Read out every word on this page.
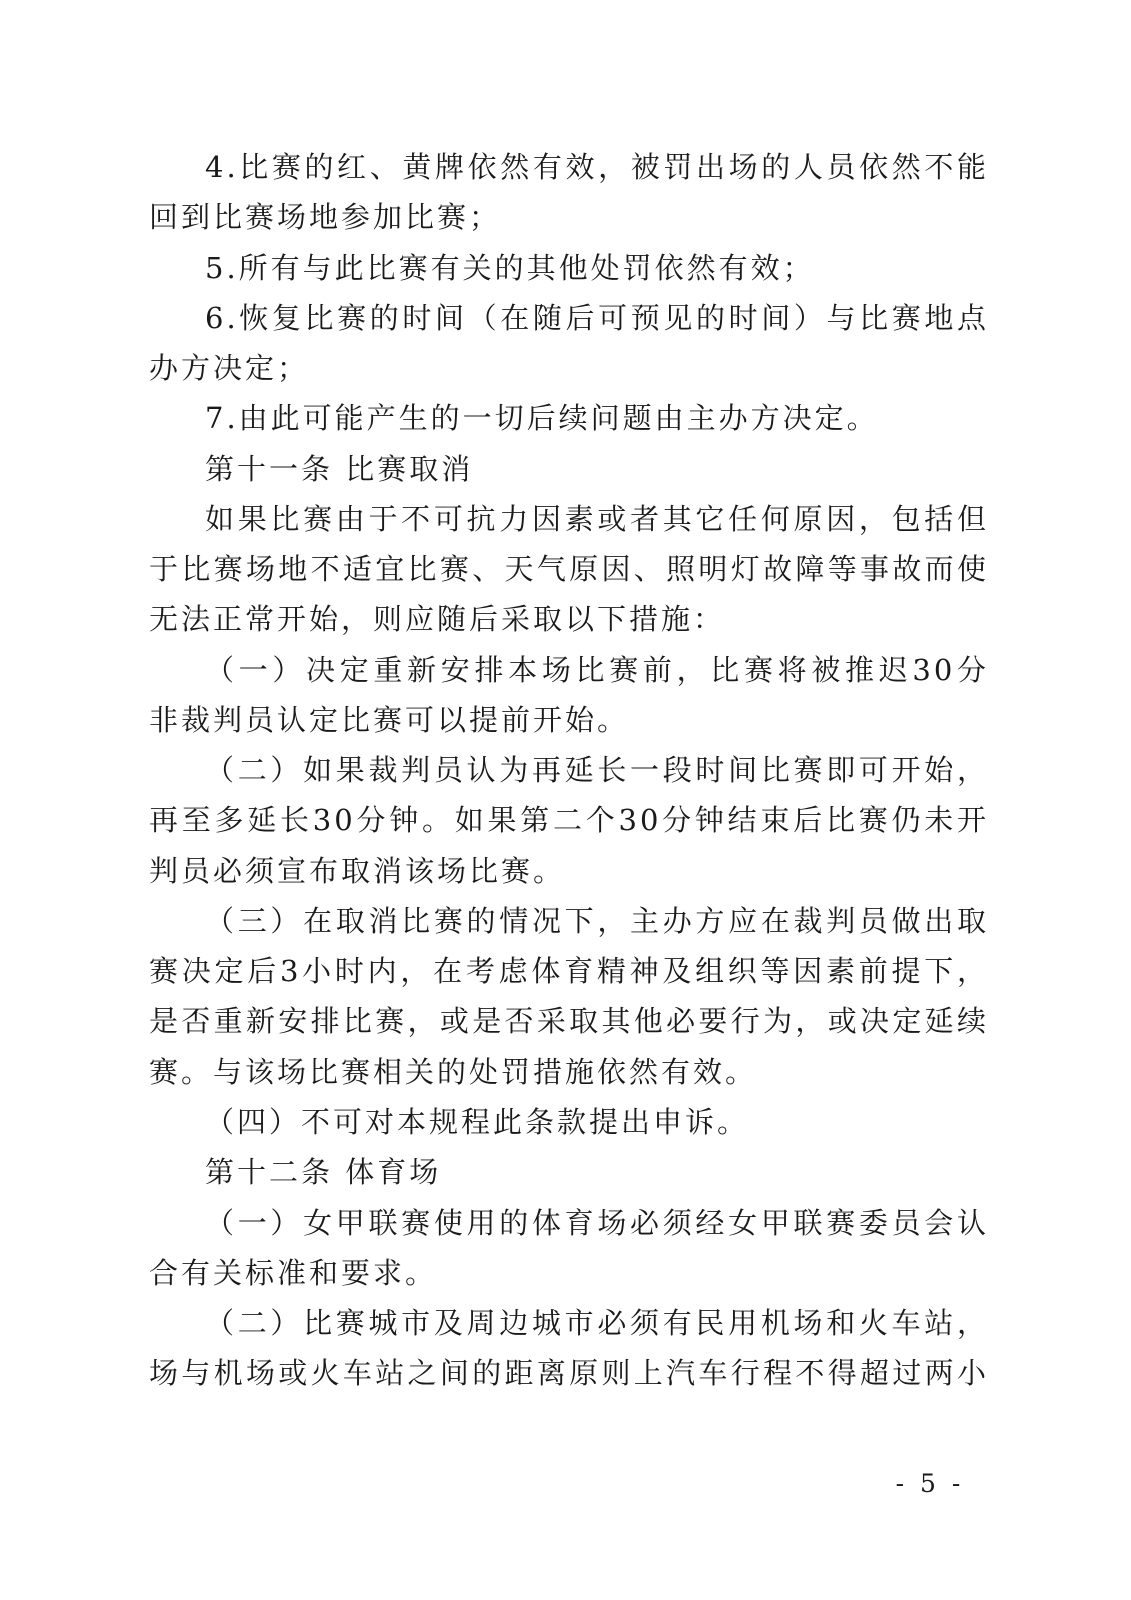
4.比赛的红、黄牌依然有效，被罚出场的人员依然不能
回到比赛场地参加比赛；
5.所有与此比赛有关的其他处罚依然有效；
6.恢复比赛的时间（在随后可预见的时间）与比赛地点
办方决定；
7.由此可能产生的一切后续问题由主办方决定。
第十一条 比赛取消
如果比赛由于不可抗力因素或者其它任何原因，包括但
于比赛场地不适宜比赛、天气原因、照明灯故障等事故而使
无法正常开始，则应随后采取以下措施：
（一）决定重新安排本场比赛前，比赛将被推迟30分
非裁判员认定比赛可以提前开始。
（二）如果裁判员认为再延长一段时间比赛即可开始，
再至多延长30分钟。如果第二个30分钟结束后比赛仍未开
判员必须宣布取消该场比赛。
（三）在取消比赛的情况下，主办方应在裁判员做出取
赛决定后3小时内，在考虑体育精神及组织等因素前提下，
是否重新安排比赛，或是否采取其他必要行为，或决定延续
赛。与该场比赛相关的处罚措施依然有效。
（四）不可对本规程此条款提出申诉。
第十二条 体育场
（一）女甲联赛使用的体育场必须经女甲联赛委员会认
合有关标准和要求。
（二）比赛城市及周边城市必须有民用机场和火车站，
场与机场或火车站之间的距离原则上汽车行程不得超过两小
- 5 -
